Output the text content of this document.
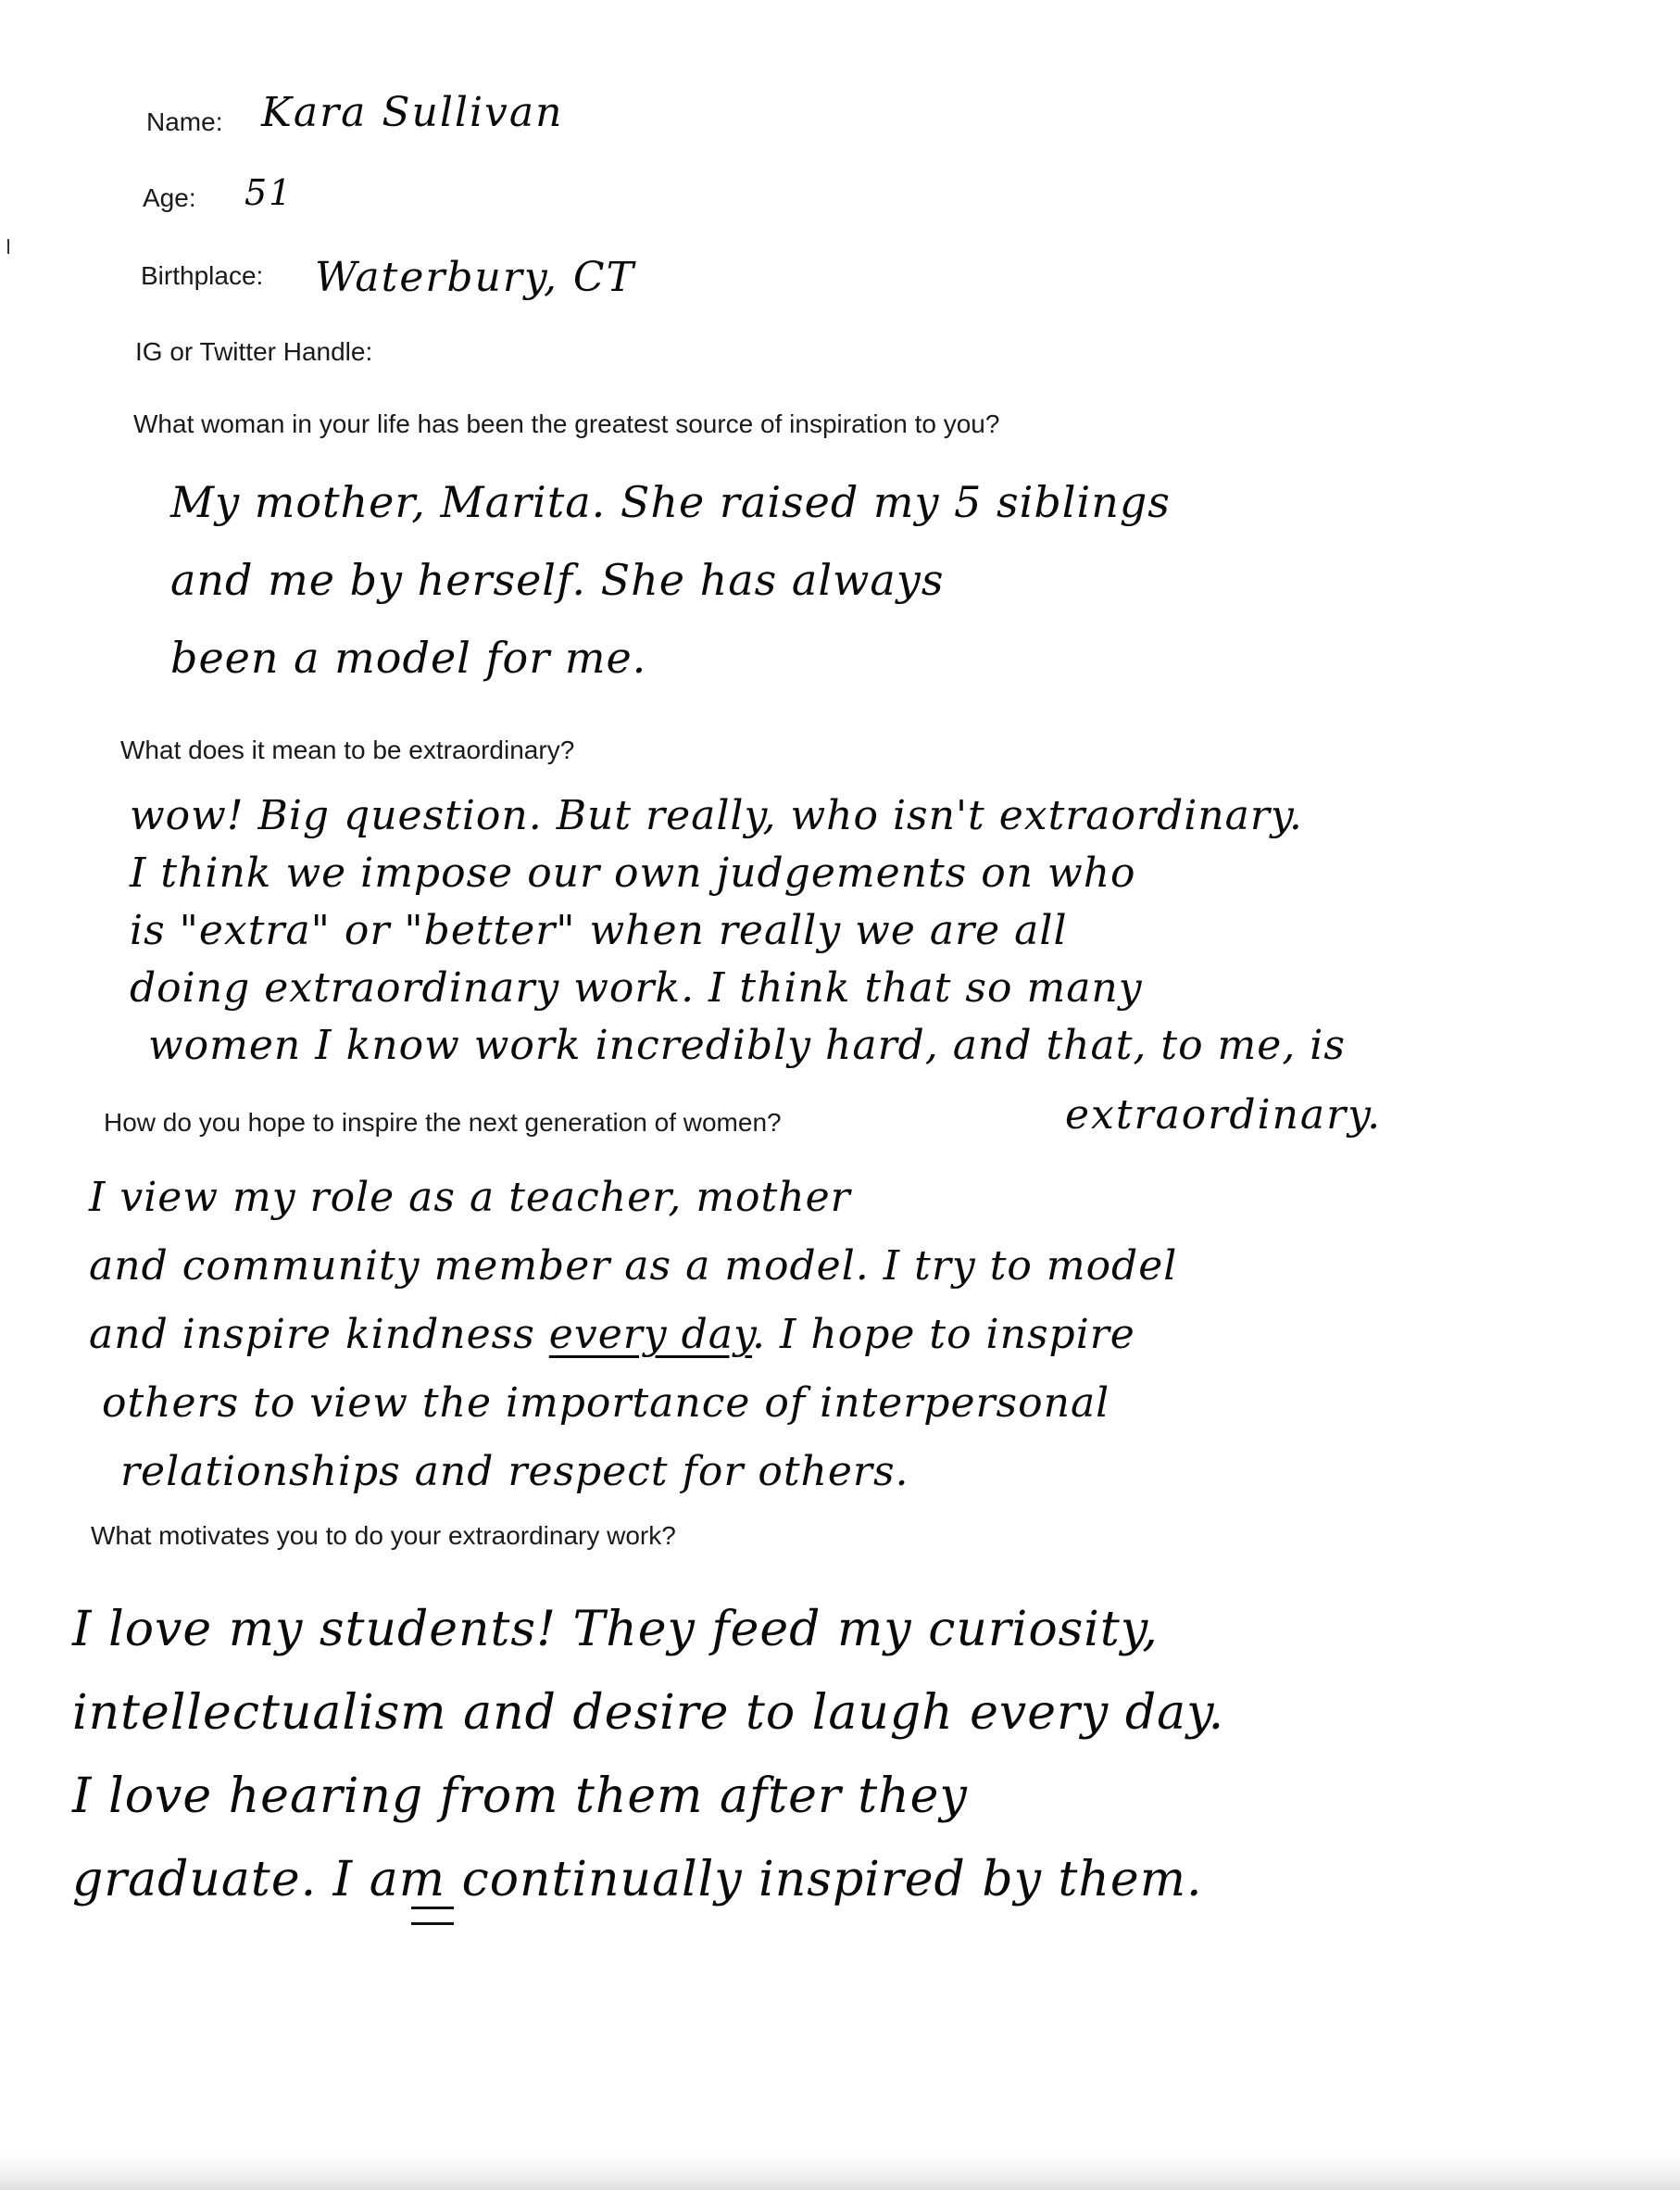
Name: Kara Sullivan
Age: 51
Birthplace: Waterbury, CT
IG or Twitter Handle:
What woman in your life has been the greatest source of inspiration to you?
My mother, Marita. She raised my 5 siblings
and me by herself. She has always
been a model for me.
What does it mean to be extraordinary?
wow! Big question. But really, who isn't extraordinary.
I think we impose our own judgements on who
is "extra" or "better" when really we are all
doing extraordinary work. I think that so many
women I know work incredibly hard, and that, to me, is
extraordinary.
How do you hope to inspire the next generation of women?
I view my role as a teacher, mother
and community member as a model. I try to model
and inspire kindness every day. I hope to inspire
others to view the importance of interpersonal
relationships and respect for others.
What motivates you to do your extraordinary work?
I love my students! They feed my curiosity,
intellectualism and desire to laugh every day.
I love hearing from them after they
graduate. I am continually inspired by them.
